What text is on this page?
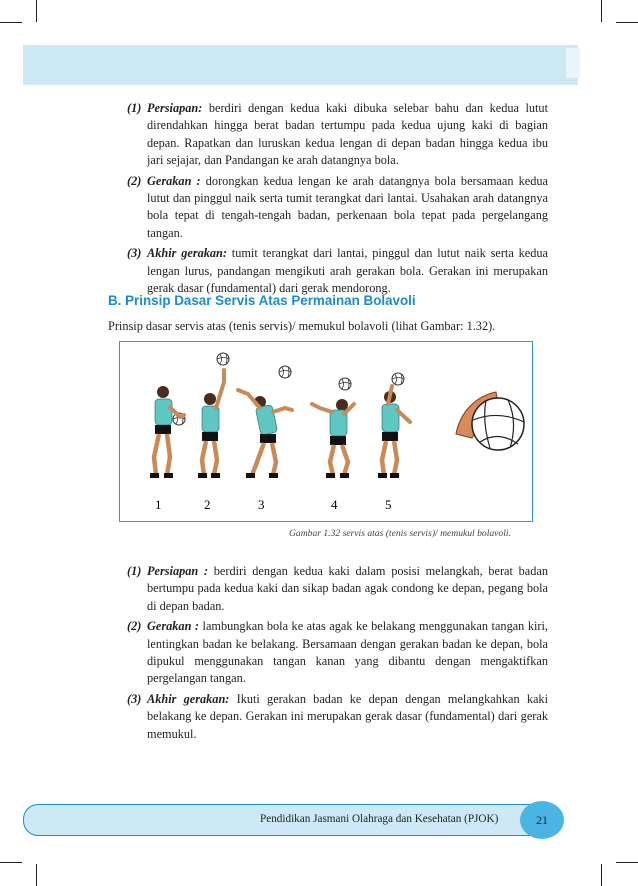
(1) Persiapan: berdiri dengan kedua kaki dibuka selebar bahu dan kedua lutut direndahkan hingga berat badan tertumpu pada kedua ujung kaki di bagian depan. Rapatkan dan luruskan kedua lengan di depan badan hingga kedua ibu jari sejajar, dan Pandangan ke arah datangnya bola.
(2) Gerakan : dorongkan kedua lengan ke arah datangnya bola bersamaan kedua lutut dan pinggul naik serta tumit terangkat dari lantai. Usahakan arah datangnya bola tepat di tengah-tengah badan, perkenaan bola tepat pada pergelangang tangan.
(3) Akhir gerakan: tumit terangkat dari lantai, pinggul dan lutut naik serta kedua lengan lurus, pandangan mengikuti arah gerakan bola. Gerakan ini merupakan gerak dasar (fundamental) dari gerak mendorong.
B. Prinsip Dasar Servis Atas Permainan Bolavoli
Prinsip dasar servis atas (tenis servis)/ memukul bolavoli (lihat Gambar: 1.32).
1	2	3	4	5
Gambar 1.32 servis atas (tenis servis)/ memukul bolavoli.
(1) Persiapan : berdiri dengan kedua kaki dalam posisi melangkah, berat badan bertumpu pada kedua kaki dan sikap badan agak condong ke depan, pegang bola di depan badan.
(2) Gerakan : lambungkan bola ke atas agak ke belakang menggunakan tangan kiri, lentingkan badan ke belakang. Bersamaan dengan gerakan badan ke depan, bola dipukul menggunakan tangan kanan yang dibantu dengan mengaktifkan pergelangan tangan.
(3) Akhir gerakan: Ikuti gerakan badan ke depan dengan melangkahkan kaki belakang ke depan. Gerakan ini merupakan gerak dasar (fundamental) dari gerak memukul.
Pendidikan Jasmani Olahraga dan Kesehatan (PJOK)	21
